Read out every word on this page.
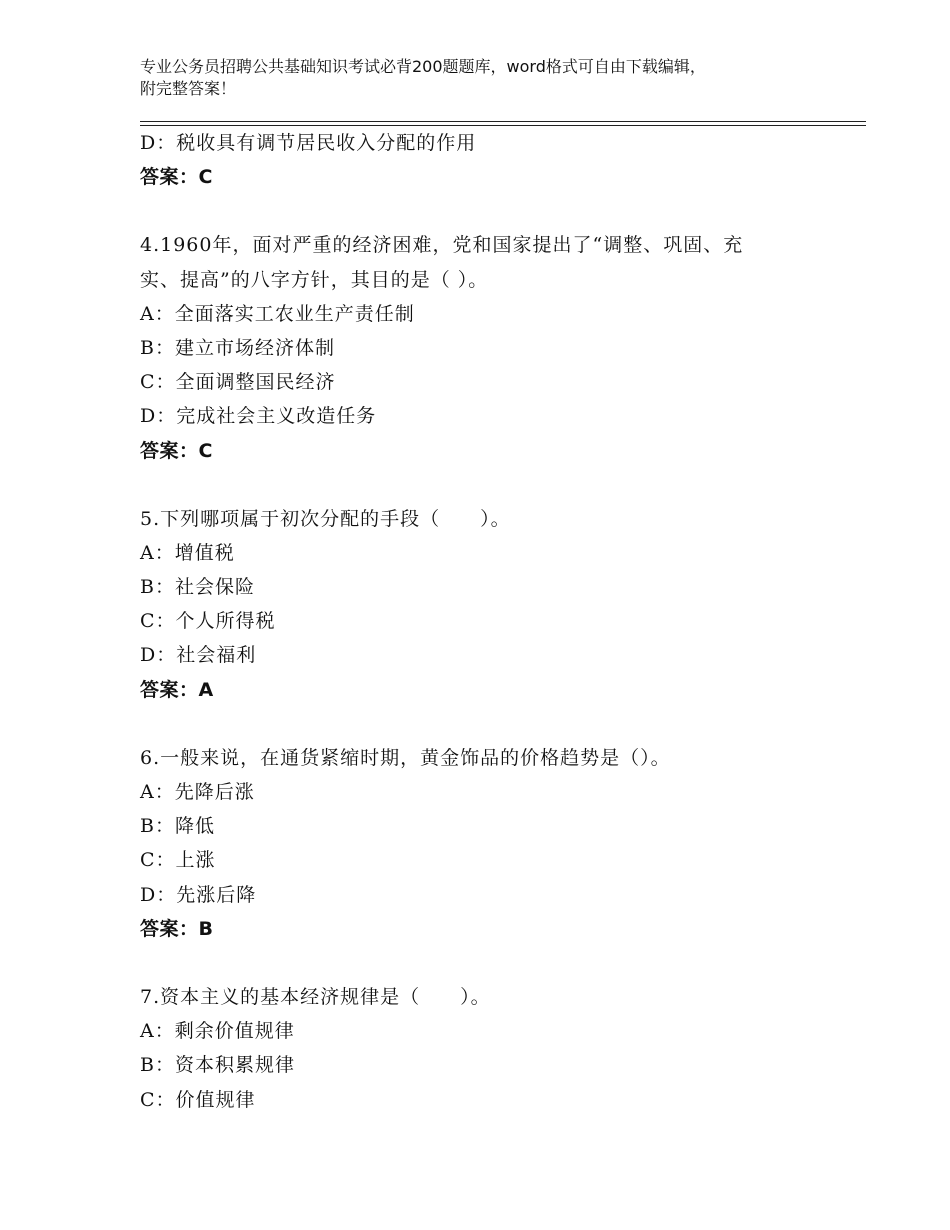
专业公务员招聘公共基础知识考试必背200题题库，word格式可自由下载编辑，
附完整答案！
D：税收具有调节居民收入分配的作用
答案：C
4.1960年，面对严重的经济困难，党和国家提出了“调整、巩固、充
实、提高”的八字方针，其目的是（ ）。
A：全面落实工农业生产责任制
B：建立市场经济体制
C：全面调整国民经济
D：完成社会主义改造任务
答案：C
5.下列哪项属于初次分配的手段（　　）。
A：增值税
B：社会保险
C：个人所得税
D：社会福利
答案：A
6.一般来说，在通货紧缩时期，黄金饰品的价格趋势是（）。
A：先降后涨
B：降低
C：上涨
D：先涨后降
答案：B
7.资本主义的基本经济规律是（　　）。
A：剩余价值规律
B：资本积累规律
C：价值规律
